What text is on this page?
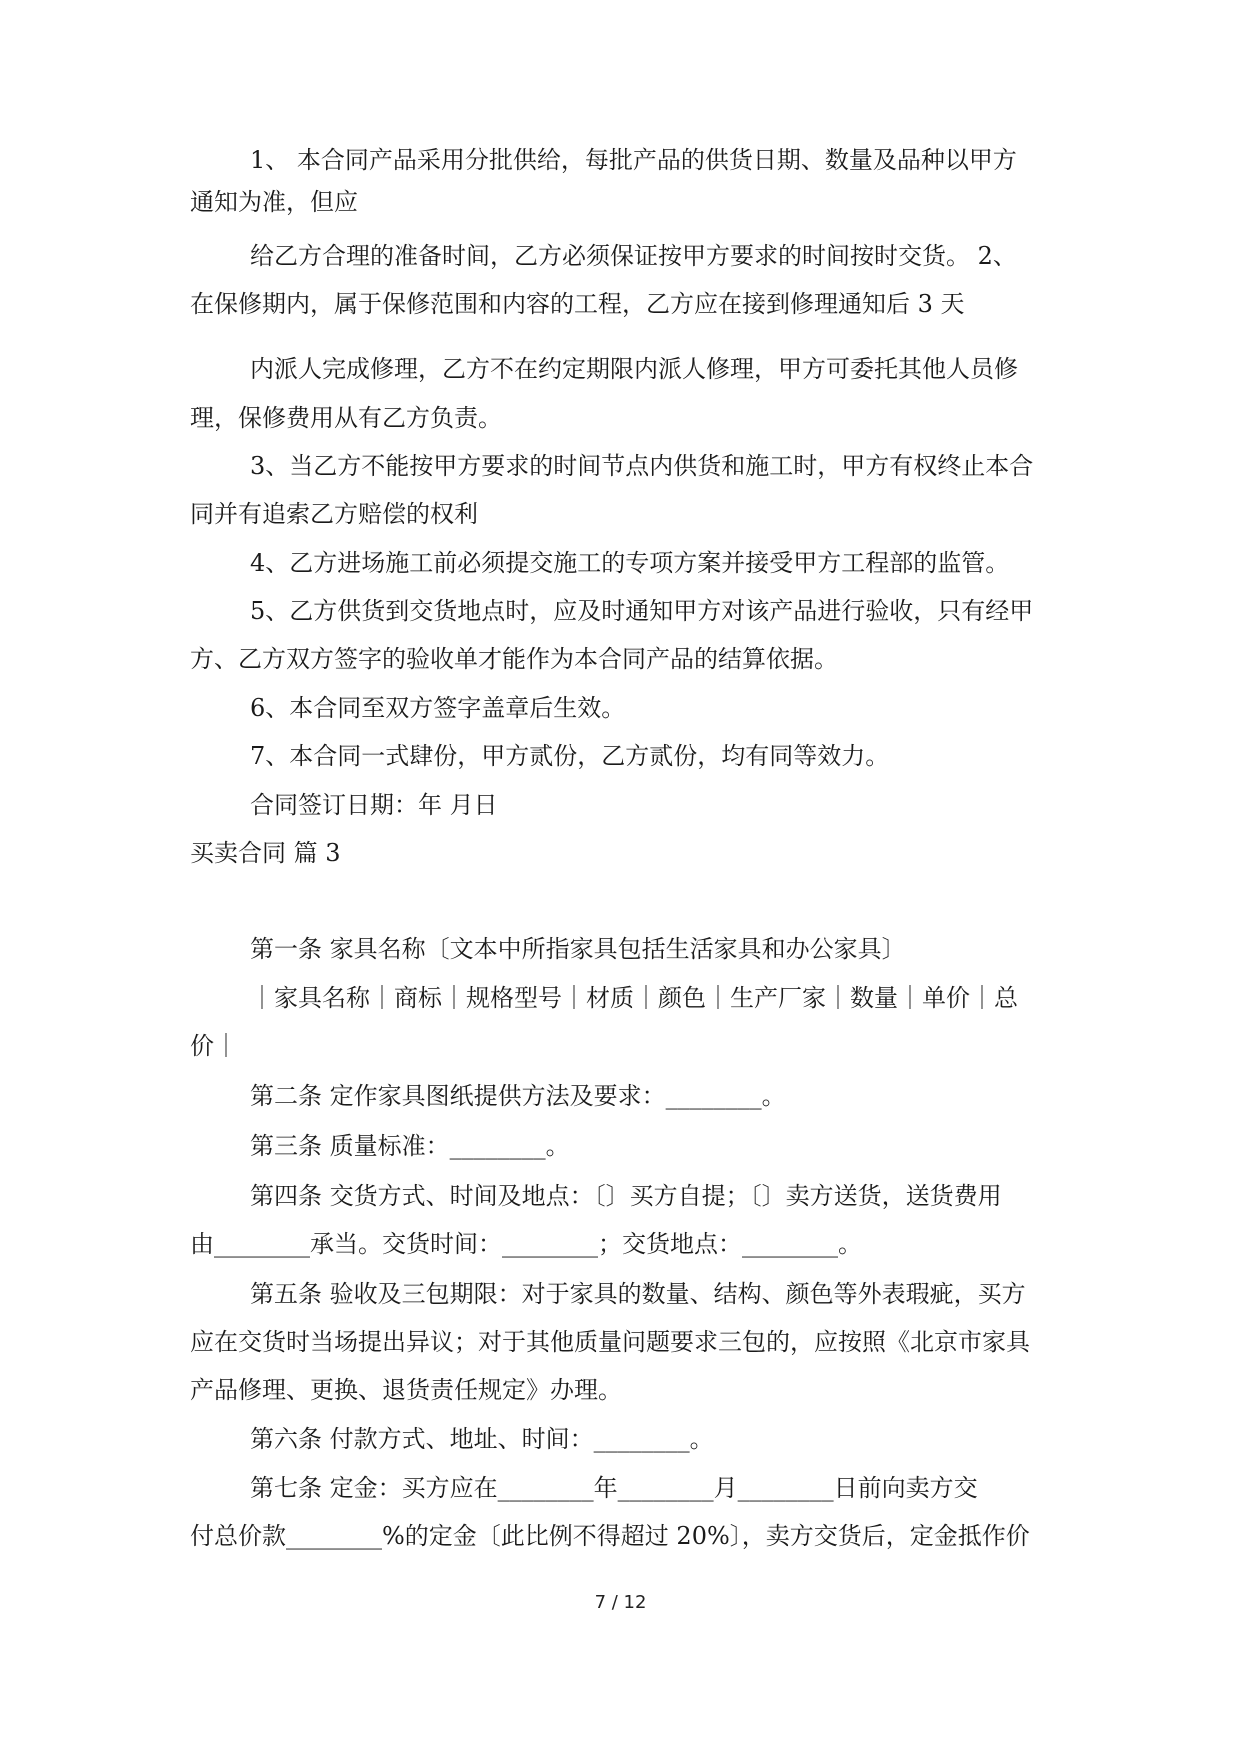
1、 本合同产品采用分批供给，每批产品的供货日期、数量及品种以甲方
通知为准，但应
给乙方合理的准备时间，乙方必须保证按甲方要求的时间按时交货。 2、
在保修期内，属于保修范围和内容的工程，乙方应在接到修理通知后 3 天
内派人完成修理，乙方不在约定期限内派人修理，甲方可委托其他人员修
理，保修费用从有乙方负责。
3、当乙方不能按甲方要求的时间节点内供货和施工时，甲方有权终止本合
同并有追索乙方赔偿的权利
4、乙方进场施工前必须提交施工的专项方案并接受甲方工程部的监管。
5、乙方供货到交货地点时，应及时通知甲方对该产品进行验收，只有经甲
方、乙方双方签字的验收单才能作为本合同产品的结算依据。
6、本合同至双方签字盖章后生效。
7、本合同一式肆份，甲方贰份，乙方贰份，均有同等效力。
合同签订日期：年 月日
买卖合同 篇 3
第一条 家具名称〔文本中所指家具包括生活家具和办公家具〕
｜家具名称｜商标｜规格型号｜材质｜颜色｜生产厂家｜数量｜单价｜总
价｜
第二条 定作家具图纸提供方法及要求：________。
第三条 质量标准：________。
第四条 交货方式、时间及地点：〔〕买方自提；〔〕卖方送货，送货费用
由________承当。交货时间：________；交货地点：________。
第五条 验收及三包期限：对于家具的数量、结构、颜色等外表瑕疵，买方
应在交货时当场提出异议；对于其他质量问题要求三包的，应按照《北京市家具
产品修理、更换、退货责任规定》办理。
第六条 付款方式、地址、时间：________。
第七条 定金：买方应在________年________月________日前向卖方交
付总价款________%的定金〔此比例不得超过 20%〕，卖方交货后，定金抵作价
7 / 12
